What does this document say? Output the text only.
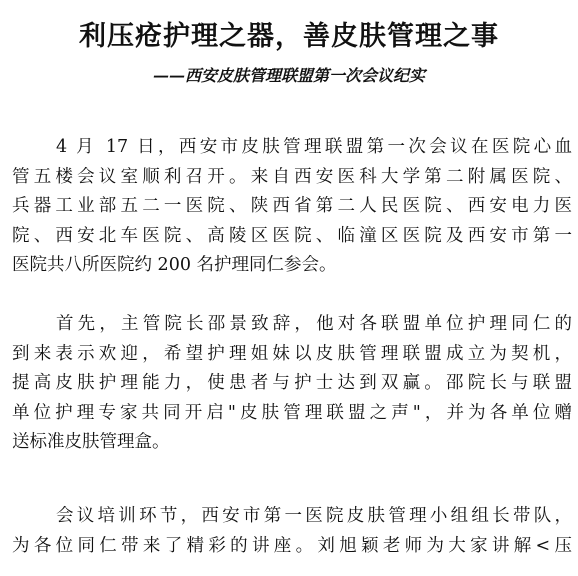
利压疮护理之器，善皮肤管理之事
——西安皮肤管理联盟第一次会议纪实
4 月 17 日，西安市皮肤管理联盟第一次会议在医院心血
管五楼会议室顺利召开。来自西安医科大学第二附属医院、
兵器工业部五二一医院、陕西省第二人民医院、西安电力医
院、西安北车医院、高陵区医院、临潼区医院及西安市第一
医院共八所医院约 200 名护理同仁参会。
首先，主管院长邵景致辞，他对各联盟单位护理同仁的
到来表示欢迎，希望护理姐妹以皮肤管理联盟成立为契机，
提高皮肤护理能力，使患者与护士达到双赢。邵院长与联盟
单位护理专家共同开启"皮肤管理联盟之声"，并为各单位赠
送标准皮肤管理盒。
会议培训环节，西安市第一医院皮肤管理小组组长带队，
为各位同仁带来了精彩的讲座。刘旭颖老师为大家讲解<压
